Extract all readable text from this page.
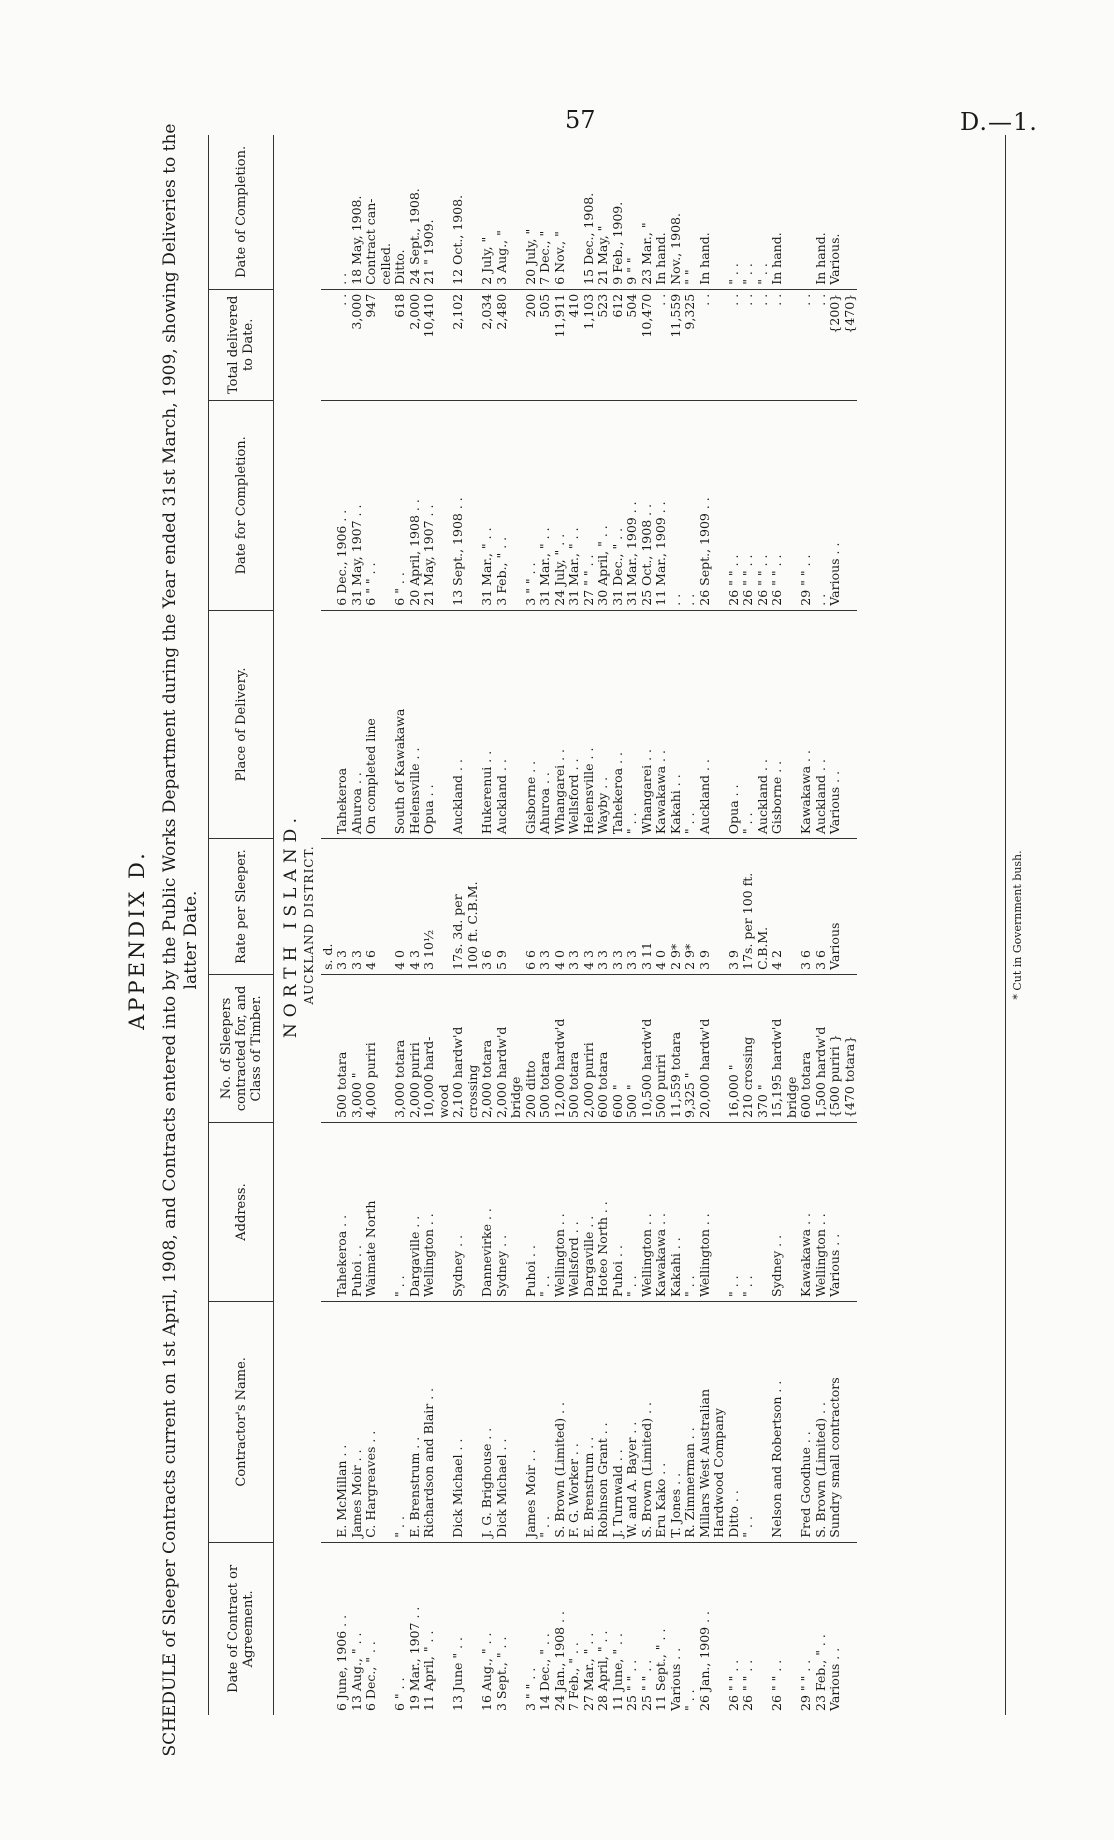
57	D.—1.
APPENDIX D. SCHEDULE of Sleeper Contracts current on 1st April, 1908, and Contracts entered into by the Public Works Department during the Year ended 31st March, 1909, showing Deliveries to the latter Date.
Date of Contract or Agreement.	Contractor's Name.	Address.	No. of Sleepers contracted for, and Class of Timber.	Rate per Sleeper.	Place of Delivery.	Date for Completion.	Total delivered to Date.	Date of Completion.

NORTH ISLAND. AUCKLAND DISTRICT.								

				s. d.				
6 June, 1906 . .	E. McMillan . .	Tahekeroa . .	500 totara	3 3	Tahekeroa	6 Dec., 1906 . .	. .	. .
13 Aug., " . .	James Moir . .	Puhoi . .	3,000 "	3 3	Ahuroa . .	31 May, 1907 . .	3,000	18 May, 1908.
6 Dec., " . .	C. Hargreaves . .	Waimate North	4,000 puriri	4 6	On completed line	6 " " . .	947	Contract can-
								celled.
6 " . .	" . .	" . .	3,000 totara	4 0	South of Kawakawa	6 " . .	618	Ditto.
19 Mar., 1907 . .	E. Brenstrum . .	Dargaville . .	2,000 puriri	4 3	Helensville . .	20 April, 1908 . .	2,000	24 Sept., 1908.
11 April, " . .	Richardson and Blair . .	Wellington . .	10,000 hard-	3 10½	Opua . .	21 May, 1907 . .	10,410	21 " 1909.
			wood					
13 June " . .	Dick Michael . .	Sydney . .	2,100 hardw'd	17s. 3d. per	Auckland . .	13 Sept., 1908 . .	2,102	12 Oct., 1908.
			crossing	100 ft. C.B.M.				
16 Aug., " . .	J. G. Brighouse . .	Dannevirke . .	2,000 totara	3 6	Hukerenui . .	31 Mar., " . .	2,034	2 July, "
3 Sept., " . .	Dick Michael . .	Sydney . .	2,000 hardw'd	5 9	Auckland . .	3 Feb., " . .	2,480	3 Aug., "
			bridge					
3 " " . .	James Moir . .	Puhoi . .	200 ditto	6 6	Gisborne . .	3 " " . .	200	20 July, "
14 Dec., " . .	" . .	" . .	500 totara	3 3	Ahuroa . .	31 Mar., " . .	505	7 Dec., "
24 Jan., 1908 . .	S. Brown (Limited) . .	Wellington . .	12,000 hardw'd	4 0	Whangarei . .	24 July, " . .	11,911	6 Nov., "
7 Feb., " . .	F. G. Worker . .	Wellsford . .	500 totara	3 3	Wellsford . .	31 Mar., " . .	410	
27 Mar., " . .	E. Brenstrum . .	Dargaville . .	2,000 puriri	4 3	Helensville . .	27 " " . .	1,103	15 Dec., 1908.
28 April, " . .	Robinson Grant . .	Hoteo North . .	600 totara	3 3	Wayby . .	30 April, " . .	523	21 May, "
11 June, " . .	J. Turnwald . .	Puhoi . .	600 "	3 3	Tahekeroa . .	31 Dec., " . .	612	9 Feb., 1909.
25 " " . .	W. and A. Bayer . .	" . .	500 "	3 3	" . .	31 Mar., 1909 . .	504	9 " "
25 " " . .	S. Brown (Limited) . .	Wellington . .	10,500 hardw'd	3 11	Whangarei . .	25 Oct., 1908 . .	10,470	23 Mar., "
11 Sept., " . .	Eru Kako . .	Kawakawa . .	500 puriri	4 0	Kawakawa . .	11 Mar., 1909 . .	. .	In hand.
Various . .	T. Jones . .	Kakahi . .	11,559 totara	2 9*	Kakahi . .	. .	11,559	Nov., 1908.
" . .	R. Zimmerman . .	" . .	9,325 "	2 9*	" . .	. .	9,325	" "
26 Jan., 1909 . .	Millars West Australian	Wellington . .	20,000 hardw'd	3 9	Auckland . .	26 Sept., 1909 . .	. .	In hand.
	Hardwood Company							
26 " " . .	Ditto . .	" . .	16,000 "	3 9	Opua . .	26 " " . .	. .	" . .
26 " " . .	" . .	" . .	210 crossing	17s. per 100 ft.	" . .	26 " " . .	. .	" . .
			370 "	C.B.M.	Auckland . .	26 " " . .	. .	" . .
26 " " . .	Nelson and Robertson . .	Sydney . .	15,195 hardw'd	4 2	Gisborne . .	26 " " . .	. .	In hand.
			bridge					
29 " " . .	Fred Goodhue . .	Kawakawa . .	600 totara	3 6	Kawakawa . .	29 " " . .	. .	
23 Feb., " . .	S. Brown (Limited) . .	Wellington . .	1,500 hardw'd	3 6	Auckland . .	. .	. .	In hand.
Various . .	Sundry small contractors	Various . .	{500 puriri }	Various	Various . .	Various . .	{200}	Various.
			{470 totara}				{470}	
* Cut in Government bush.
